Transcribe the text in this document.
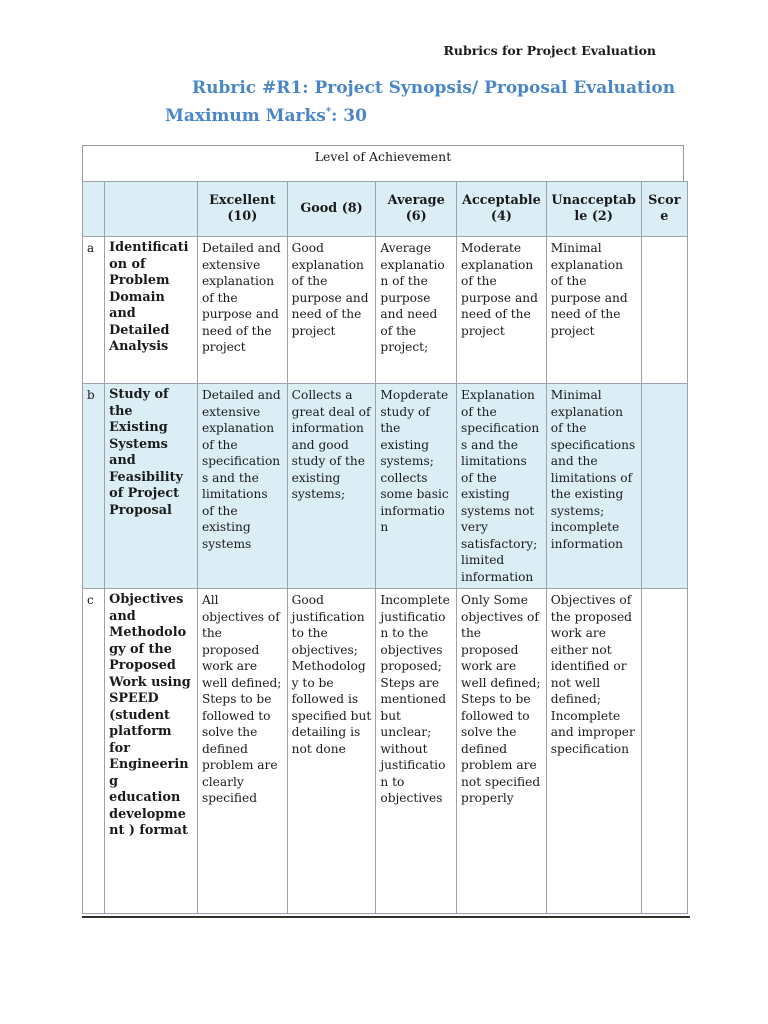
Rubrics for Project Evaluation
Rubric #R1: Project Synopsis/ Proposal Evaluation
Maximum Marks*: 30
Level of Achievement
		Excellent (10)	Good (8)	Average (6)	Acceptable (4)	Unacceptable (2)	Score
a	Identification of Problem Domain and Detailed Analysis	Detailed and extensive explanation of the purpose and need of the project	Good explanation of the purpose and need of the project	Average explanation of the purpose and need of the project;	Moderate explanation of the purpose and need of the project	Minimal explanation of the purpose and need of the project	
b	Study of the Existing Systems and Feasibility of Project Proposal	Detailed and extensive explanation of the specifications and the limitations of the existing systems	Collects a great deal of information and good study of the existing systems;	Mopderate study of the existing systems; collects some basic information	Explanation of the specifications and the limitations of the existing systems not very satisfactory; limited information	Minimal explanation of the specifications and the limitations of the existing systems; incomplete information	
c	Objectives and Methodology of the Proposed Work using SPEED (student platform for Engineering education development ) format	All objectives of the proposed work are well defined; Steps to be followed to solve the defined problem are clearly specified	Good justification to the objectives; Methodology to be followed is specified but detailing is not done	Incomplete justification to the objectives proposed; Steps are mentioned but unclear; without justification to objectives	Only Some objectives of the proposed work are well defined; Steps to be followed to solve the defined problem are not specified properly	Objectives of the proposed work are either not identified or not well defined; Incomplete and improper specification	
